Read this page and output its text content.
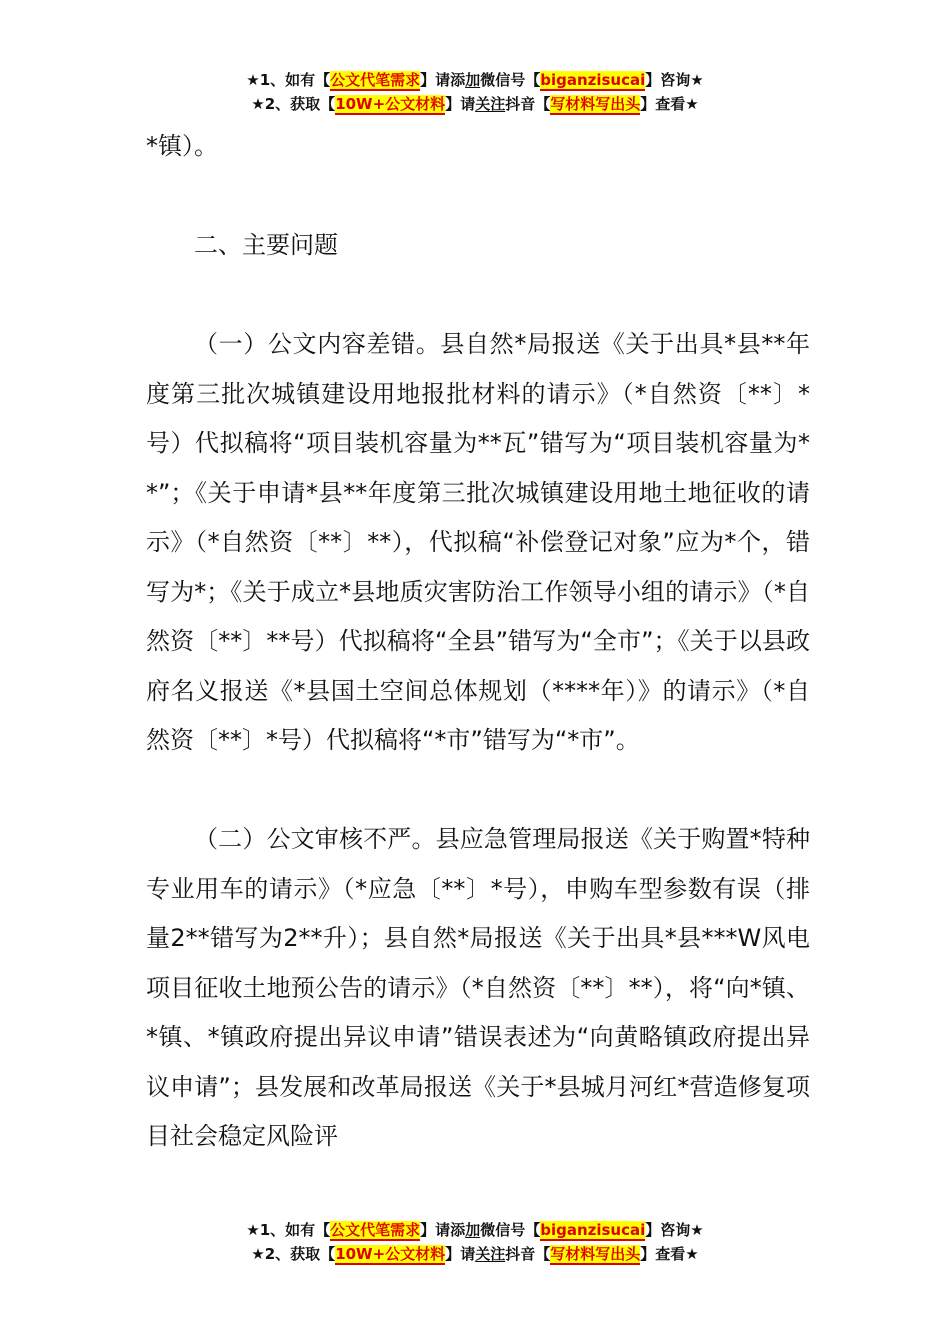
★1、如有【公文代笔需求】请添加微信号【biganzisucai】咨询★
★2、获取【10W+公文材料】请关注抖音【写材料写出头】查看★

*镇）。

二、主要问题

（一）公文内容差错。县自然*局报送《关于出具*县**年度第三批次城镇建设用地报批材料的请示》（*自然资〔**〕*号）代拟稿将“项目装机容量为**瓦”错写为“项目装机容量为**”；《关于申请*县**年度第三批次城镇建设用地土地征收的请示》（*自然资〔**〕**），代拟稿“补偿登记对象”应为*个，错写为*；《关于成立*县地质灾害防治工作领导小组的请示》（*自然资〔**〕**号）代拟稿将“全县”错写为“全市”；《关于以县政府名义报送《*县国土空间总体规划（****年）》的请示》（*自然资〔**〕*号）代拟稿将“*市”错写为“*市”。

（二）公文审核不严。县应急管理局报送《关于购置*特种专业用车的请示》（*应急〔**〕*号），申购车型参数有误（排量2**错写为2**升）；县自然*局报送《关于出具*县***W风电项目征收土地预公告的请示》（*自然资〔**〕**），将“向*镇、*镇、*镇政府提出异议申请”错误表述为“向黄略镇政府提出异议申请”；县发展和改革局报送《关于*县城月河红*营造修复项目社会稳定风险评

★1、如有【公文代笔需求】请添加微信号【biganzisucai】咨询★
★2、获取【10W+公文材料】请关注抖音【写材料写出头】查看★
